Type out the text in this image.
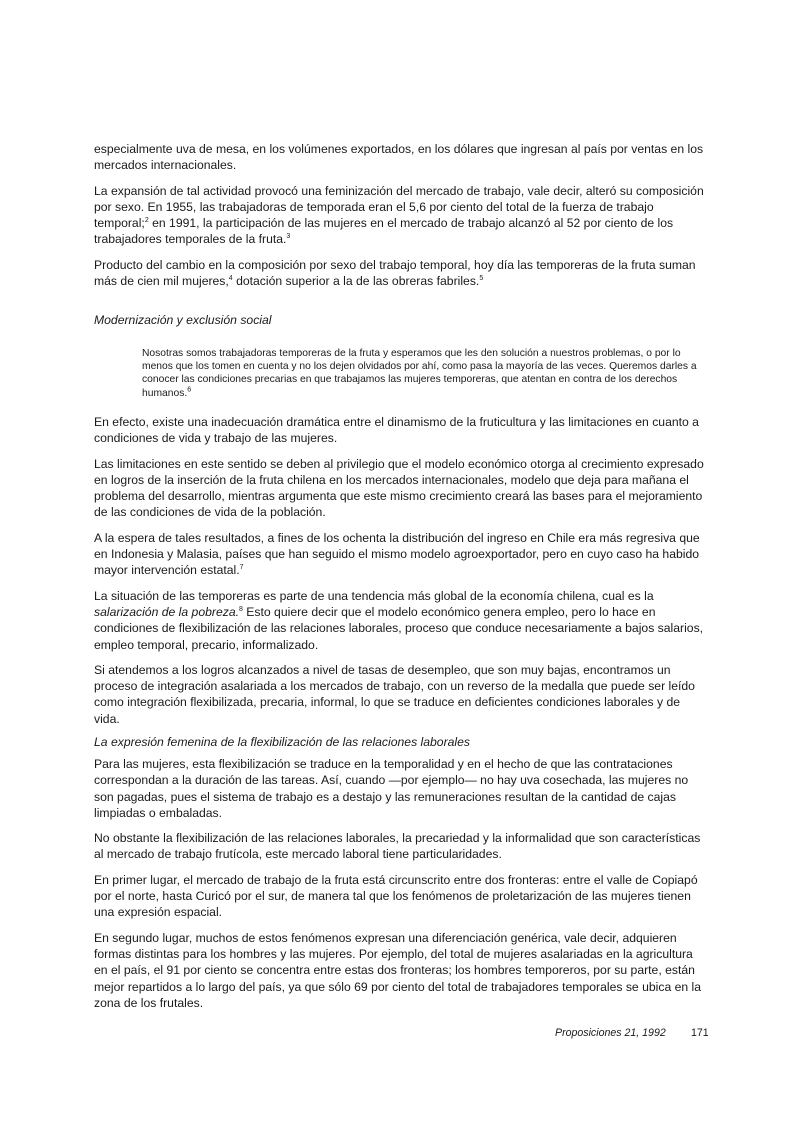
especialmente uva de mesa, en los volúmenes exportados, en los dólares que ingresan al país por ventas en los mercados internacionales.

La expansión de tal actividad provocó una feminización del mercado de trabajo, vale decir, alteró su composición por sexo. En 1955, las trabajadoras de temporada eran el 5,6 por ciento del total de la fuerza de trabajo temporal;$^2$ en 1991, la participación de las mujeres en el mercado de trabajo alcanzó al 52 por ciento de los trabajadores temporales de la fruta.$^3$

Producto del cambio en la composición por sexo del trabajo temporal, hoy día las temporeras de la fruta suman más de cien mil mujeres,$^4$ dotación superior a la de las obreras fabriles.$^5$

Modernización y exclusión social

Nosotras somos trabajadoras temporeras de la fruta y esperamos que les den solución a nuestros problemas, o por lo menos que los tomen en cuenta y no los dejen olvidados por ahí, como pasa la mayoría de las veces. Queremos darles a conocer las condiciones precarias en que trabajamos las mujeres temporeras, que atentan en contra de los derechos humanos.$^6$

En efecto, existe una inadecuación dramática entre el dinamismo de la fruticultura y las limitaciones en cuanto a condiciones de vida y trabajo de las mujeres.

Las limitaciones en este sentido se deben al privilegio que el modelo económico otorga al crecimiento expresado en logros de la inserción de la fruta chilena en los mercados internacionales, modelo que deja para mañana el problema del desarrollo, mientras argumenta que este mismo crecimiento creará las bases para el mejoramiento de las condiciones de vida de la población.

A la espera de tales resultados, a fines de los ochenta la distribución del ingreso en Chile era más regresiva que en Indonesia y Malasia, países que han seguido el mismo modelo agroexportador, pero en cuyo caso ha habido mayor intervención estatal.$^7$

La situación de las temporeras es parte de una tendencia más global de la economía chilena, cual es la salarización de la pobreza.$^8$ Esto quiere decir que el modelo económico genera empleo, pero lo hace en condiciones de flexibilización de las relaciones laborales, proceso que conduce necesariamente a bajos salarios, empleo temporal, precario, informalizado.

Si atendemos a los logros alcanzados a nivel de tasas de desempleo, que son muy bajas, encontramos un proceso de integración asalariada a los mercados de trabajo, con un reverso de la medalla que puede ser leído como integración flexibilizada, precaria, informal, lo que se traduce en deficientes condiciones laborales y de vida.

La expresión femenina de la flexibilización de las relaciones laborales

Para las mujeres, esta flexibilización se traduce en la temporalidad y en el hecho de que las contrataciones correspondan a la duración de las tareas. Así, cuando —por ejemplo— no hay uva cosechada, las mujeres no son pagadas, pues el sistema de trabajo es a destajo y las remuneraciones resultan de la cantidad de cajas limpiadas o embaladas.

No obstante la flexibilización de las relaciones laborales, la precariedad y la informalidad que son características al mercado de trabajo frutícola, este mercado laboral tiene particularidades.

En primer lugar, el mercado de trabajo de la fruta está circunscrito entre dos fronteras: entre el valle de Copiapó por el norte, hasta Curicó por el sur, de manera tal que los fenómenos de proletarización de las mujeres tienen una expresión espacial.

En segundo lugar, muchos de estos fenómenos expresan una diferenciación genérica, vale decir, adquieren formas distintas para los hombres y las mujeres. Por ejemplo, del total de mujeres asalariadas en la agricultura en el país, el 91 por ciento se concentra entre estas dos fronteras; los hombres temporeros, por su parte, están mejor repartidos a lo largo del país, ya que sólo 69 por ciento del total de trabajadores temporales se ubica en la zona de los frutales.

Proposiciones 21, 1992 171
